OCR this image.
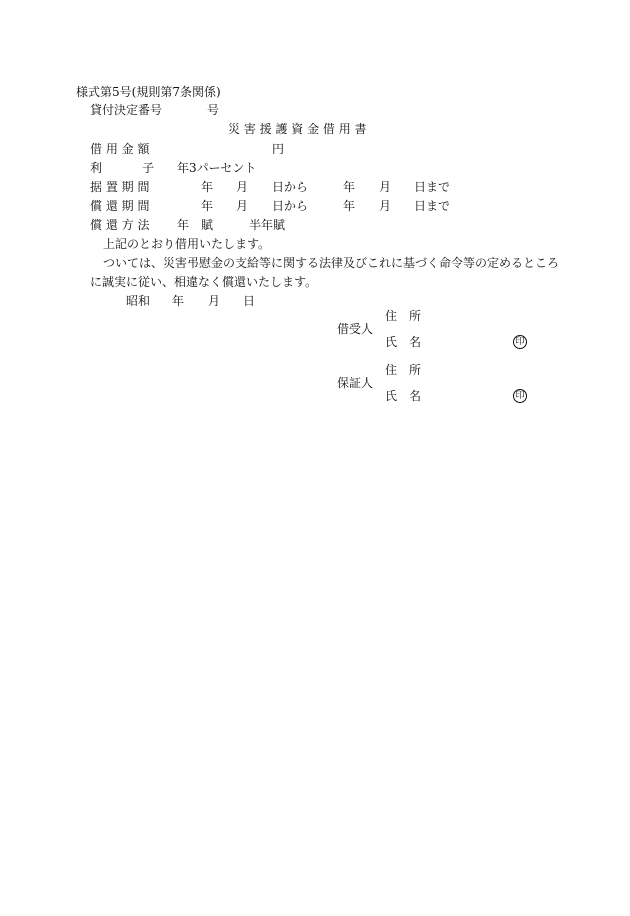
様式第5号(規則第7条関係)
貸付決定番号	号
災 害 援 護 資 金 借 用 書
借 用 金 額	円
利	子 年3パーセント
据 置 期 間	年 月 日から	年 月 日まで
償 還 期 間	年 月 日から	年 月 日まで
償 還 方 法 年　賦	半年賦
上記のとおり借用いたします。
ついては、災害弔慰金の支給等に関する法律及びこれに基づく命令等の定めるところ
に誠実に従い、相違なく償還いたします。
昭和 年 月 日
住　所
借受人
氏　名	印
住　所
保証人
氏　名	印
